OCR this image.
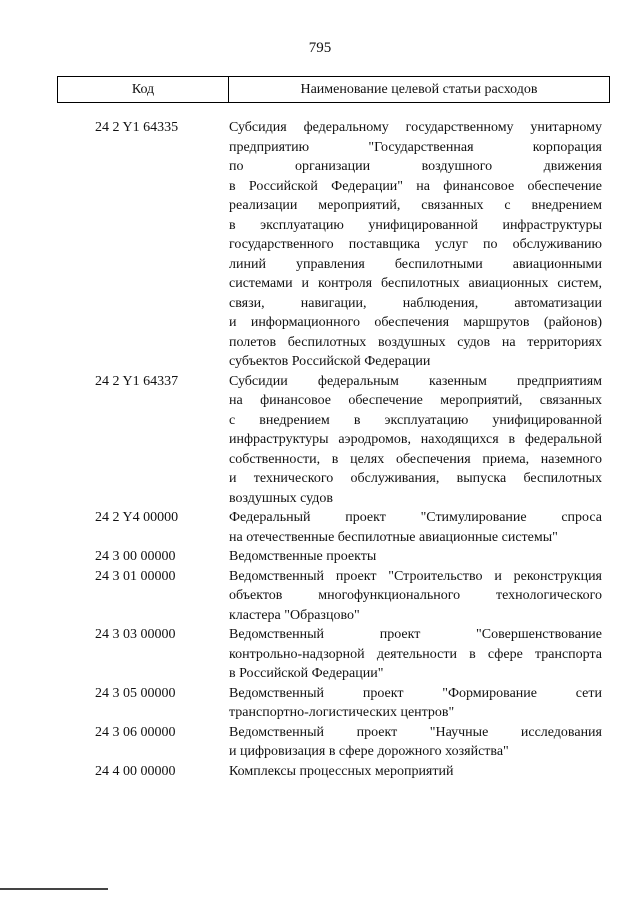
795
Код	Наименование целевой статьи расходов
24 2 Y1 64335	Субсидия федеральному государственному унитарному
предприятию "Государственная корпорация
по организации воздушного движения
в Российской Федерации" на финансовое обеспечение
реализации мероприятий, связанных с внедрением
в эксплуатацию унифицированной инфраструктуры
государственного поставщика услуг по обслуживанию
линий управления беспилотными авиационными
системами и контроля беспилотных авиационных систем,
связи, навигации, наблюдения, автоматизации
и информационного обеспечения маршрутов (районов)
полетов беспилотных воздушных судов на территориях
субъектов Российской Федерации
24 2 Y1 64337	Субсидии федеральным казенным предприятиям
на финансовое обеспечение мероприятий, связанных
с внедрением в эксплуатацию унифицированной
инфраструктуры аэродромов, находящихся в федеральной
собственности, в целях обеспечения приема, наземного
и технического обслуживания, выпуска беспилотных
воздушных судов
24 2 Y4 00000	Федеральный проект "Стимулирование спроса
на отечественные беспилотные авиационные системы"
24 3 00 00000	Ведомственные проекты
24 3 01 00000	Ведомственный проект "Строительство и реконструкция
объектов многофункционального технологического
кластера "Образцово"
24 3 03 00000	Ведомственный проект "Совершенствование
контрольно-надзорной деятельности в сфере транспорта
в Российской Федерации"
24 3 05 00000	Ведомственный проект "Формирование сети
транспортно-логистических центров"
24 3 06 00000	Ведомственный проект "Научные исследования
и цифровизация в сфере дорожного хозяйства"
24 4 00 00000	Комплексы процессных мероприятий
